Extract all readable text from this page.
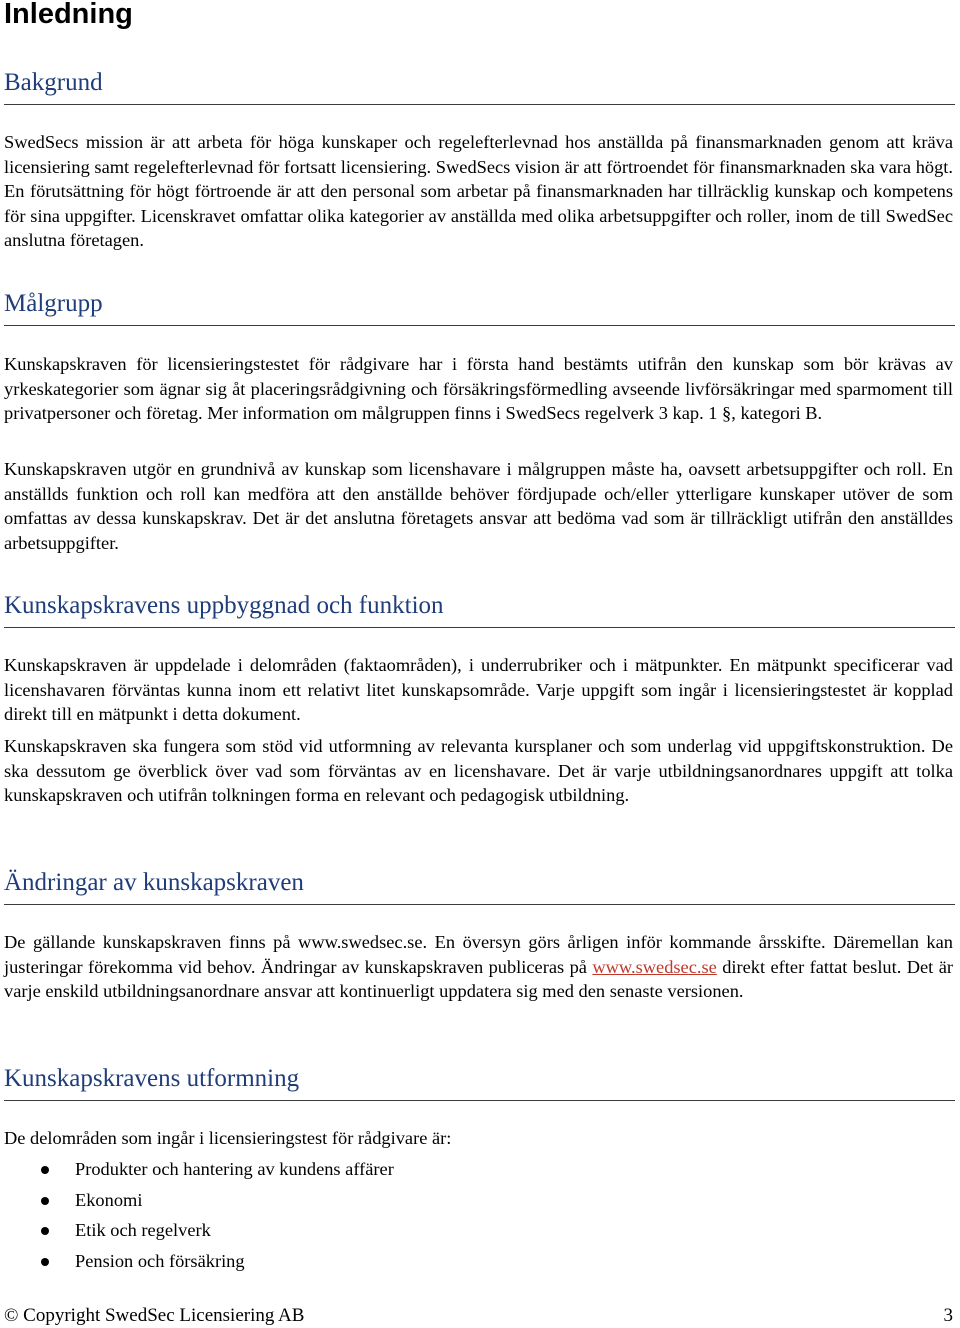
Inledning
Bakgrund

SwedSecs mission är att arbeta för höga kunskaper och regelefterlevnad hos anställda på finansmarknaden genom att kräva licensiering samt regelefterlevnad för fortsatt licensiering. SwedSecs vision är att förtroendet för finansmarknaden ska vara högt. En förutsättning för högt förtroende är att den personal som arbetar på finansmarknaden har tillräcklig kunskap och kompetens för sina uppgifter. Licenskravet omfattar olika kategorier av anställda med olika arbetsuppgifter och roller, inom de till SwedSec anslutna företagen.

Målgrupp

Kunskapskraven för licensieringstestet för rådgivare har i första hand bestämts utifrån den kunskap som bör krävas av yrkeskategorier som ägnar sig åt placeringsrådgivning och försäkringsförmedling avseende livförsäkringar med sparmoment till privatpersoner och företag. Mer information om målgruppen finns i SwedSecs regelverk 3 kap. 1 §, kategori B.

Kunskapskraven utgör en grundnivå av kunskap som licenshavare i målgruppen måste ha, oavsett arbetsuppgifter och roll. En anställds funktion och roll kan medföra att den anställde behöver fördjupade och/eller ytterligare kunskaper utöver de som omfattas av dessa kunskapskrav. Det är det anslutna företagets ansvar att bedöma vad som är tillräckligt utifrån den anställdes arbetsuppgifter.

Kunskapskravens uppbyggnad och funktion

Kunskapskraven är uppdelade i delområden (faktaområden), i underrubriker och i mätpunkter. En mätpunkt specificerar vad licenshavaren förväntas kunna inom ett relativt litet kunskapsområde. Varje uppgift som ingår i licensieringstestet är kopplad direkt till en mätpunkt i detta dokument.

Kunskapskraven ska fungera som stöd vid utformning av relevanta kursplaner och som underlag vid uppgiftskonstruktion. De ska dessutom ge överblick över vad som förväntas av en licenshavare. Det är varje utbildningsanordnares uppgift att tolka kunskapskraven och utifrån tolkningen forma en relevant och pedagogisk utbildning.

Ändringar av kunskapskraven

De gällande kunskapskraven finns på www.swedsec.se. En översyn görs årligen inför kommande årsskifte. Däremellan kan justeringar förekomma vid behov. Ändringar av kunskapskraven publiceras på www.swedsec.se direkt efter fattat beslut. Det är varje enskild utbildningsanordnare ansvar att kontinuerligt uppdatera sig med den senaste versionen.

Kunskapskravens utformning

De delområden som ingår i licensieringstest för rådgivare är:

Produkter och hantering av kundens affärer
Ekonomi
Etik och regelverk
Pension och försäkring
© Copyright SwedSec Licensiering AB	3
